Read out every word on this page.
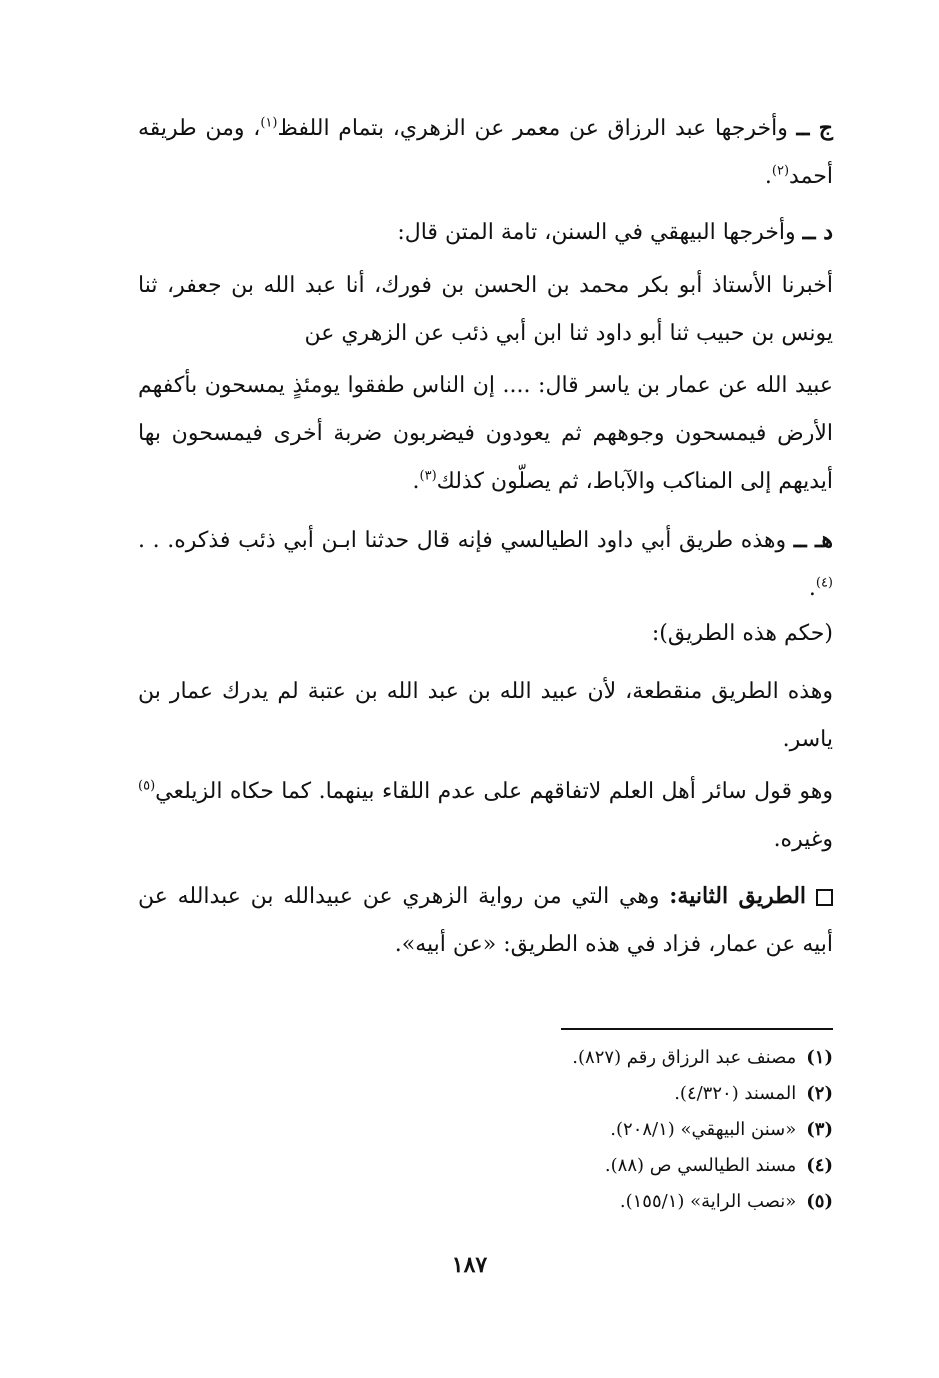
ج ــ وأخرجها عبد الرزاق عن معمر عن الزهري، بتمام اللفظ$^{(١)}$، ومن طريقه أحمد$^{(٢)}$.
د ــ وأخرجها البيهقي في السنن، تامة المتن قال:
أخبرنا الأستاذ أبو بكر محمد بن الحسن بن فورك، أنا عبد الله بن جعفر، ثنا يونس بن حبيب ثنا أبو داود ثنا ابن أبي ذئب عن الزهري عن
عبيد الله عن عمار بن ياسر قال: .... إن الناس طفقوا يومئذٍ يمسحون بأكفهم الأرض فيمسحون وجوههم ثم يعودون فيضربون ضربة أخرى فيمسحون بها أيديهم إلى المناكب والآباط، ثم يصلّون كذلك$^{(٣)}$.
هـ ــ وهذه طريق أبي داود الطيالسي فإنه قال حدثنا ابـن أبي ذئب فذكره. . .$^{(٤)}$.
(حكم هذه الطريق):
وهذه الطريق منقطعة، لأن عبيد الله بن عبد الله بن عتبة لم يدرك عمار بن ياسر.
وهو قول سائر أهل العلم لاتفاقهم على عدم اللقاء بينهما. كما حكاه الزيلعي$^{(٥)}$ وغيره.
الطريق الثانية: وهي التي من رواية الزهري عن عبيدالله بن عبدالله عن أبيه عن عمار، فزاد في هذه الطريق: «عن أبيه».
(١)مصنف عبد الرزاق رقم (٨٢٧).
(٢)المسند (٤/٣٢٠).
(٣)«سنن البيهقي» (٢٠٨/١).
(٤)مسند الطيالسي ص (٨٨).
(٥)«نصب الراية» (١٥٥/١).
١٨٧
